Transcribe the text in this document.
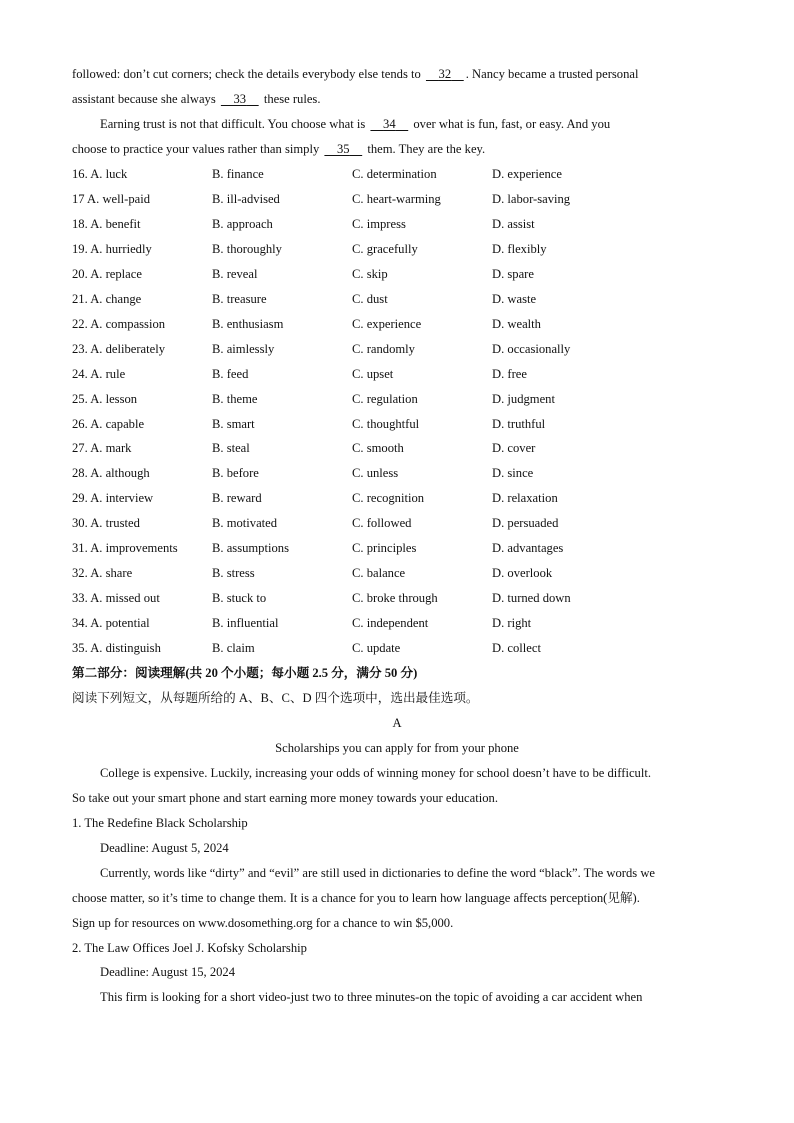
followed: don’t cut corners; check the details everybody else tends to 32 . Nancy became a trusted personal
assistant because she always 33 these rules.
Earning trust is not that difficult. You choose what is 34 over what is fun, fast, or easy. And you
choose to practice your values rather than simply 35 them. They are the key.
16. A. luck	B. finance	C. determination	D. experience
17 A. well-paid	B. ill-advised	C. heart-warming	D. labor-saving
18. A. benefit	B. approach	C. impress	D. assist
19. A. hurriedly	B. thoroughly	C. gracefully	D. flexibly
20. A. replace	B. reveal	C. skip	D. spare
21. A. change	B. treasure	C. dust	D. waste
22. A. compassion	B. enthusiasm	C. experience	D. wealth
23. A. deliberately	B. aimlessly	C. randomly	D. occasionally
24. A. rule	B. feed	C. upset	D. free
25. A. lesson	B. theme	C. regulation	D. judgment
26. A. capable	B. smart	C. thoughtful	D. truthful
27. A. mark	B. steal	C. smooth	D. cover
28. A. although	B. before	C. unless	D. since
29. A. interview	B. reward	C. recognition	D. relaxation
30. A. trusted	B. motivated	C. followed	D. persuaded
31. A. improvements	B. assumptions	C. principles	D. advantages
32. A. share	B. stress	C. balance	D. overlook
33. A. missed out	B. stuck to	C. broke through	D. turned down
34. A. potential	B. influential	C. independent	D. right
35. A. distinguish	B. claim	C. update	D. collect
第二部分：阅读理解(共 20 个小题；每小题 2.5 分，满分 50 分)
阅读下列短文，从每题所给的 A、B、C、D 四个选项中，选出最佳选项。
A
Scholarships you can apply for from your phone
College is expensive. Luckily, increasing your odds of winning money for school doesn’t have to be difficult.
So take out your smart phone and start earning more money towards your education.
1. The Redefine Black Scholarship
Deadline: August 5, 2024
Currently, words like “dirty” and “evil” are still used in dictionaries to define the word “black”. The words we
choose matter, so it’s time to change them. It is a chance for you to learn how language affects perception(见解).
Sign up for resources on www.dosomething.org for a chance to win $5,000.
2. The Law Offices Joel J. Kofsky Scholarship
Deadline: August 15, 2024
This firm is looking for a short video-just two to three minutes-on the topic of avoiding a car accident when
